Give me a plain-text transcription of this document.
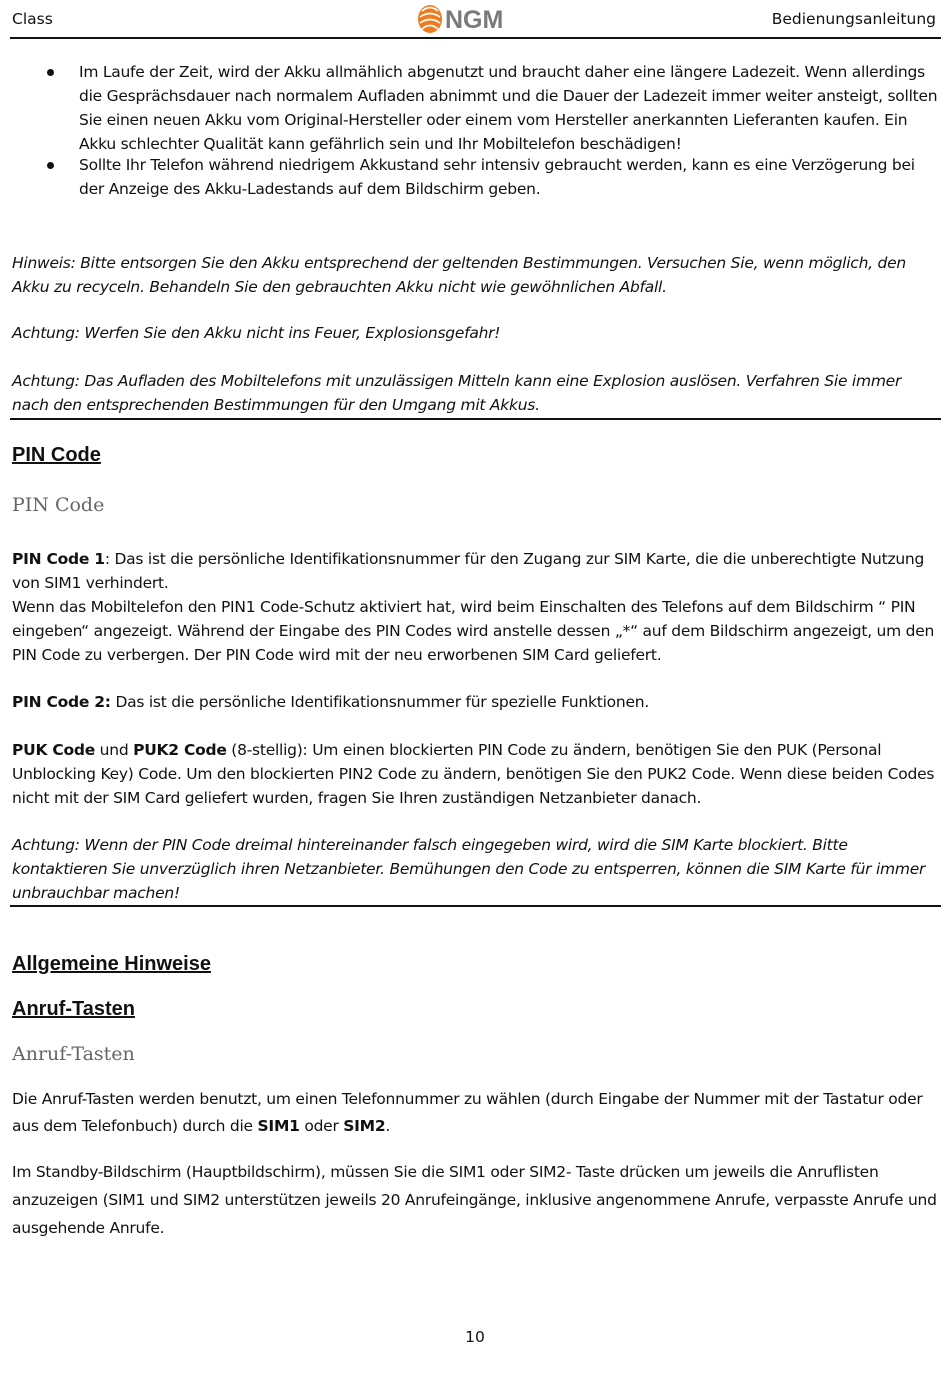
Class	NGM	Bedienungsanleitung
Im Laufe der Zeit, wird der Akku allmählich abgenutzt und braucht daher eine längere Ladezeit. Wenn allerdings die Gesprächsdauer nach normalem Aufladen abnimmt und die Dauer der Ladezeit immer weiter ansteigt, sollten Sie einen neuen Akku vom Original-Hersteller oder einem vom Hersteller anerkannten Lieferanten kaufen. Ein Akku schlechter Qualität kann gefährlich sein und Ihr Mobiltelefon beschädigen!
Sollte Ihr Telefon während niedrigem Akkustand sehr intensiv gebraucht werden, kann es eine Verzögerung bei der Anzeige des Akku-Ladestands auf dem Bildschirm geben.
Hinweis: Bitte entsorgen Sie den Akku entsprechend der geltenden Bestimmungen. Versuchen Sie, wenn möglich, den Akku zu recyceln. Behandeln Sie den gebrauchten Akku nicht wie gewöhnlichen Abfall.
Achtung: Werfen Sie den Akku nicht ins Feuer, Explosionsgefahr!
Achtung: Das Aufladen des Mobiltelefons mit unzulässigen Mitteln kann eine Explosion auslösen. Verfahren Sie immer nach den entsprechenden Bestimmungen für den Umgang mit Akkus.
PIN Code
PIN Code
PIN Code 1: Das ist die persönliche Identifikationsnummer für den Zugang zur SIM Karte, die die unberechtigte Nutzung von SIM1 verhindert.
Wenn das Mobiltelefon den PIN1 Code-Schutz aktiviert hat, wird beim Einschalten des Telefons auf dem Bildschirm “ PIN eingeben“ angezeigt. Während der Eingabe des PIN Codes wird anstelle dessen „*“ auf dem Bildschirm angezeigt, um den PIN Code zu verbergen. Der PIN Code wird mit der neu erworbenen SIM Card geliefert.
PIN Code 2: Das ist die persönliche Identifikationsnummer für spezielle Funktionen.
PUK Code und PUK2 Code (8-stellig): Um einen blockierten PIN Code zu ändern, benötigen Sie den PUK (Personal Unblocking Key) Code. Um den blockierten PIN2 Code zu ändern, benötigen Sie den PUK2 Code. Wenn diese beiden Codes nicht mit der SIM Card geliefert wurden, fragen Sie Ihren zuständigen Netzanbieter danach.
Achtung: Wenn der PIN Code dreimal hintereinander falsch eingegeben wird, wird die SIM Karte blockiert. Bitte kontaktieren Sie unverzüglich ihren Netzanbieter. Bemühungen den Code zu entsperren, können die SIM Karte für immer unbrauchbar machen!
Allgemeine Hinweise
Anruf-Tasten
Anruf-Tasten
Die Anruf-Tasten werden benutzt, um einen Telefonnummer zu wählen (durch Eingabe der Nummer mit der Tastatur oder aus dem Telefonbuch) durch die SIM1 oder SIM2.
Im Standby-Bildschirm (Hauptbildschirm), müssen Sie die SIM1 oder SIM2- Taste drücken um jeweils die Anruflisten anzuzeigen (SIM1 und SIM2 unterstützen jeweils 20 Anrufeingänge, inklusive angenommene Anrufe, verpasste Anrufe und ausgehende Anrufe.
10
